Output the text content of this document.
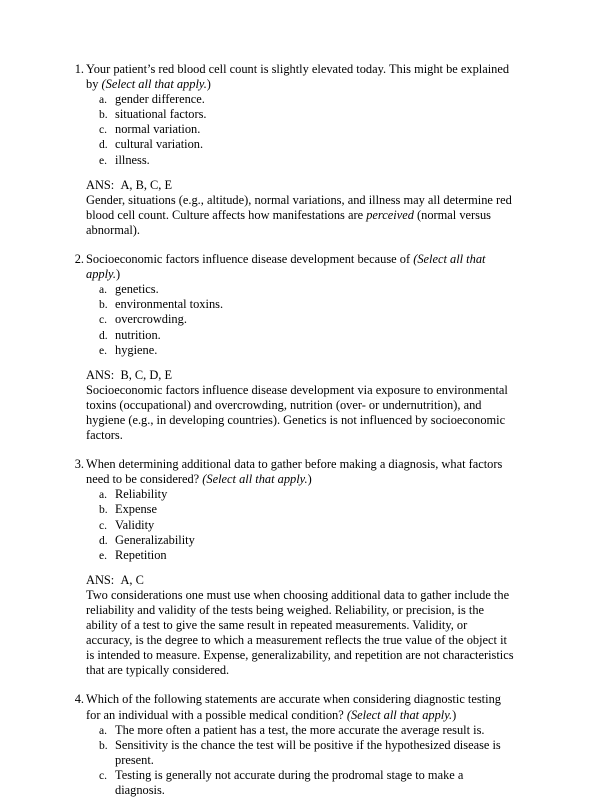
1. Your patient’s red blood cell count is slightly elevated today. This might be explained by (Select all that apply.)
a. gender difference.
b. situational factors.
c. normal variation.
d. cultural variation.
e. illness.
ANS: A, B, C, E
Gender, situations (e.g., altitude), normal variations, and illness may all determine red blood cell count. Culture affects how manifestations are perceived (normal versus abnormal).
2. Socioeconomic factors influence disease development because of (Select all that apply.)
a. genetics.
b. environmental toxins.
c. overcrowding.
d. nutrition.
e. hygiene.
ANS: B, C, D, E
Socioeconomic factors influence disease development via exposure to environmental toxins (occupational) and overcrowding, nutrition (over- or undernutrition), and hygiene (e.g., in developing countries). Genetics is not influenced by socioeconomic factors.
3. When determining additional data to gather before making a diagnosis, what factors need to be considered? (Select all that apply.)
a. Reliability
b. Expense
c. Validity
d. Generalizability
e. Repetition
ANS: A, C
Two considerations one must use when choosing additional data to gather include the reliability and validity of the tests being weighed. Reliability, or precision, is the ability of a test to give the same result in repeated measurements. Validity, or accuracy, is the degree to which a measurement reflects the true value of the object it is intended to measure. Expense, generalizability, and repetition are not characteristics that are typically considered.
4. Which of the following statements are accurate when considering diagnostic testing for an individual with a possible medical condition? (Select all that apply.)
a. The more often a patient has a test, the more accurate the average result is.
b. Sensitivity is the chance the test will be positive if the hypothesized disease is present.
c. Testing is generally not accurate during the prodromal stage to make a diagnosis.
